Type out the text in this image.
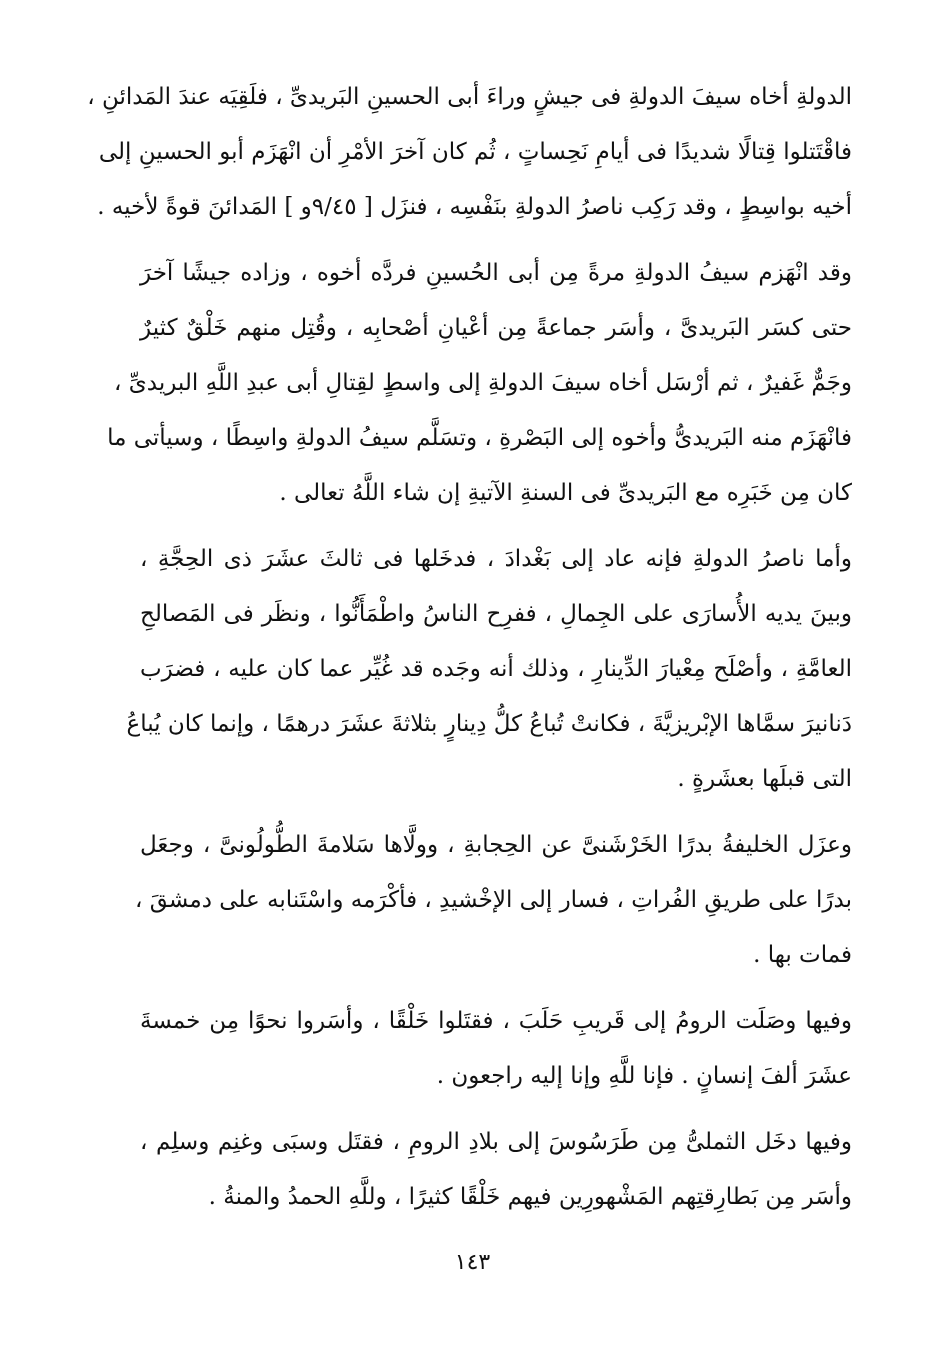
الدولةِ أخاه سيفَ الدولةِ فى جيشٍ وراءَ أبى الحسينِ البَريدىِّ ، فلَقِيَه عندَ المَدائنِ ،
فاقْتَتلوا قِتالًا شديدًا فى أيامِ نَحِساتٍ ، ثُم كان آخرَ الأمْرِ أن انْهَزَم أبو الحسينِ إلى
أخيه بواسِطٍ ، وقد رَكِب ناصرُ الدولةِ بنَفْسِه ، فنزَل [ ٩/٤٥و ] المَدائنَ قوةً لأخيه .
وقد انْهَزم سيفُ الدولةِ مرةً مِن أبى الحُسينِ فردَّه أخوه ، وزاده جيشًا آخرَ
حتى كسَر البَريدىَّ ، وأسَر جماعةً مِن أعْيانِ أصْحابِه ، وقُتِل منهم خَلْقٌ كثيرٌ
وجَمٌّ غَفيرٌ ، ثم أرْسَل أخاه سيفَ الدولةِ إلى واسطٍ لقِتالِ أبى عبدِ اللَّهِ البريدىِّ ،
فانْهَزَم منه البَريدىُّ وأخوه إلى البَصْرةِ ، وتسَلَّم سيفُ الدولةِ واسِطًا ، وسيأتى ما
كان مِن خَبَرِه مع البَريدىِّ فى السنةِ الآتيةِ إن شاء اللَّهُ تعالى .
وأما ناصرُ الدولةِ فإنه عاد إلى بَغْدادَ ، فدخَلها فى ثالثَ عشَرَ ذى الحِجَّةِ ،
وبينَ يديه الأُسارَى على الجِمالِ ، ففرِح الناسُ واطْمَأَنُّوا ، ونظَر فى المَصالحِ
العامَّةِ ، وأصْلَح مِعْيارَ الدِّينارِ ، وذلك أنه وجَده قد غُيِّر عما كان عليه ، فضرَب
دَنانيرَ سمَّاها الإبْريزيَّةَ ، فكانتْ تُباعُ كلُّ دِينارٍ بثلاثةَ عشَرَ درهمًا ، وإنما كان يُباعُ
التى قبلَها بعشَرةٍ .
وعزَل الخليفةُ بدرًا الخَرْشَنىَّ عن الحِجابةِ ، وولَّاها سَلامةَ الطُّولُونىَّ ، وجعَل
بدرًا على طريقِ الفُراتِ ، فسار إلى الإخْشيدِ ، فأكْرَمه واسْتَنابه على دمشقَ ،
فمات بها .
وفيها وصَلَت الرومُ إلى قَريبِ حَلَبَ ، فقتَلوا خَلْقًا ، وأسَروا نحوًا مِن خمسةَ
عشَرَ ألفَ إنسانٍ . فإنا للَّهِ وإنا إليه راجعون .
وفيها دخَل الثملىُّ مِن طَرَسُوسَ إلى بلادِ الرومِ ، فقتَل وسبَى وغنِم وسلِم ،
وأسَر مِن بَطارِقتِهم المَشْهورِين فيهم خَلْقًا كثيرًا ، وللَّهِ الحمدُ والمنةُ .
١٤٣
